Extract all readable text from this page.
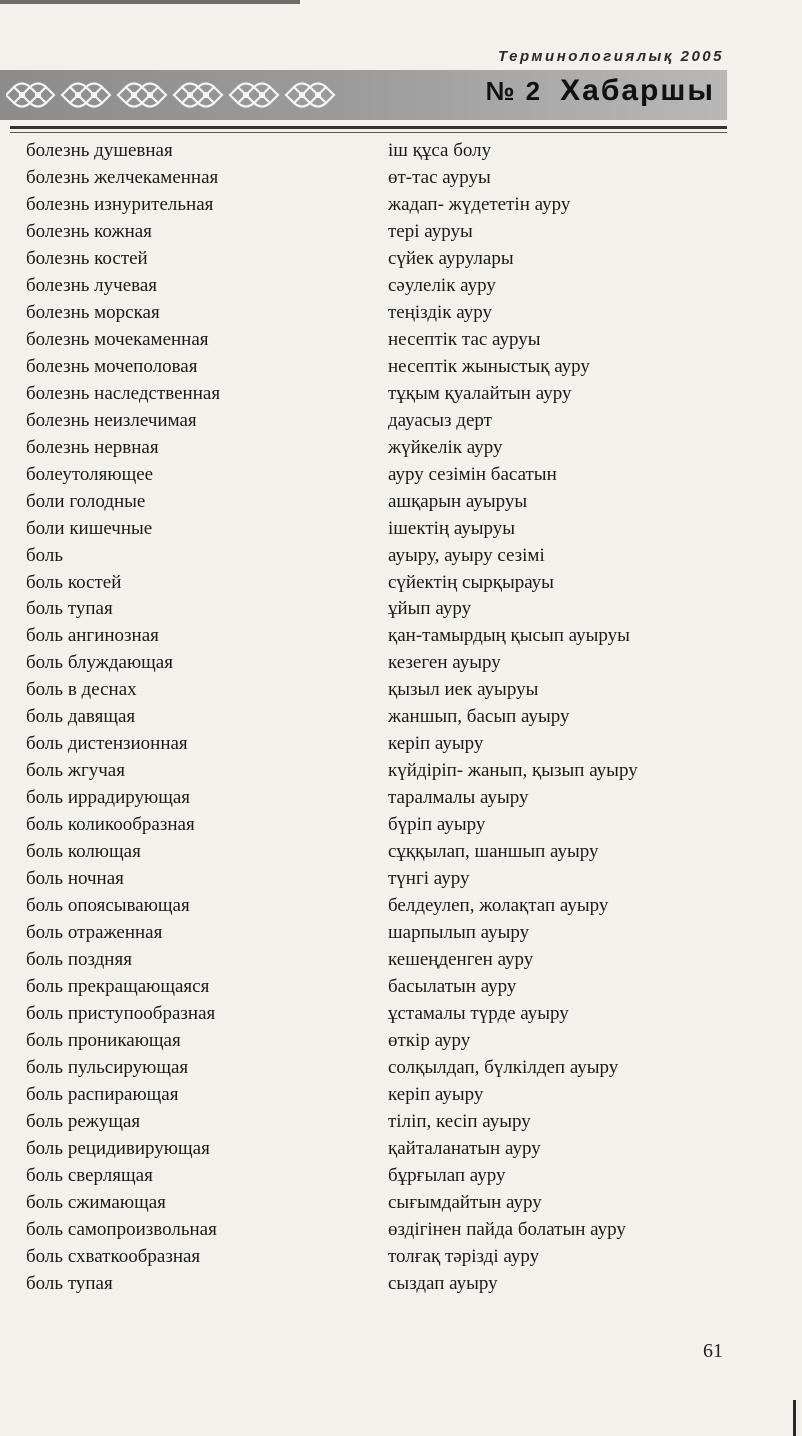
Терминологиялық 2005
№ 2 Хабаршы
болезнь душевная	іш құса болу
болезнь желчекаменная	өт-тас ауруы
болезнь изнурительная	жадап- жүдететін ауру
болезнь кожная	тері ауруы
болезнь костей	сүйек аурулары
болезнь лучевая	сәулелік ауру
болезнь морская	теңіздік ауру
болезнь мочекаменная	несептік тас ауруы
болезнь мочеполовая	несептік жыныстық ауру
болезнь наследственная	тұқым қуалайтын ауру
болезнь неизлечимая	дауасыз дерт
болезнь нервная	жүйкелік ауру
болеутоляющее	ауру сезімін басатын
боли голодные	ашқарын ауыруы
боли кишечные	ішектің ауыруы
боль	ауыру, ауыру сезімі
боль костей	сүйектің сырқырауы
боль тупая	ұйып ауру
боль ангинозная	қан-тамырдың қысып ауыруы
боль блуждающая	кезеген ауыру
боль в деснах	қызыл иек ауыруы
боль давящая	жаншып, басып ауыру
боль дистензионная	керіп ауыру
боль жгучая	күйдіріп- жанып, қызып ауыру
боль иррадирующая	таралмалы ауыру
боль коликообразная	бүріп ауыру
боль колющая	сұққылап, шаншып ауыру
боль ночная	түнгі ауру
боль опоясывающая	белдеулеп, жолақтап ауыру
боль отраженная	шарпылып ауыру
боль поздняя	кешеңденген ауру
боль прекращающаяся	басылатын ауру
боль приступообразная	ұстамалы түрде ауыру
боль проникающая	өткір ауру
боль пульсирующая	солқылдап, бүлкілдеп ауыру
боль распирающая	керіп ауыру
боль режущая	тіліп, кесіп ауыру
боль рецидивирующая	қайталанатын ауру
боль сверлящая	бұрғылап ауру
боль сжимающая	сығымдайтын ауру
боль самопроизвольная	өздігінен пайда болатын ауру
боль схваткообразная	толғақ тәрізді ауру
боль тупая	сыздап ауыру
61
